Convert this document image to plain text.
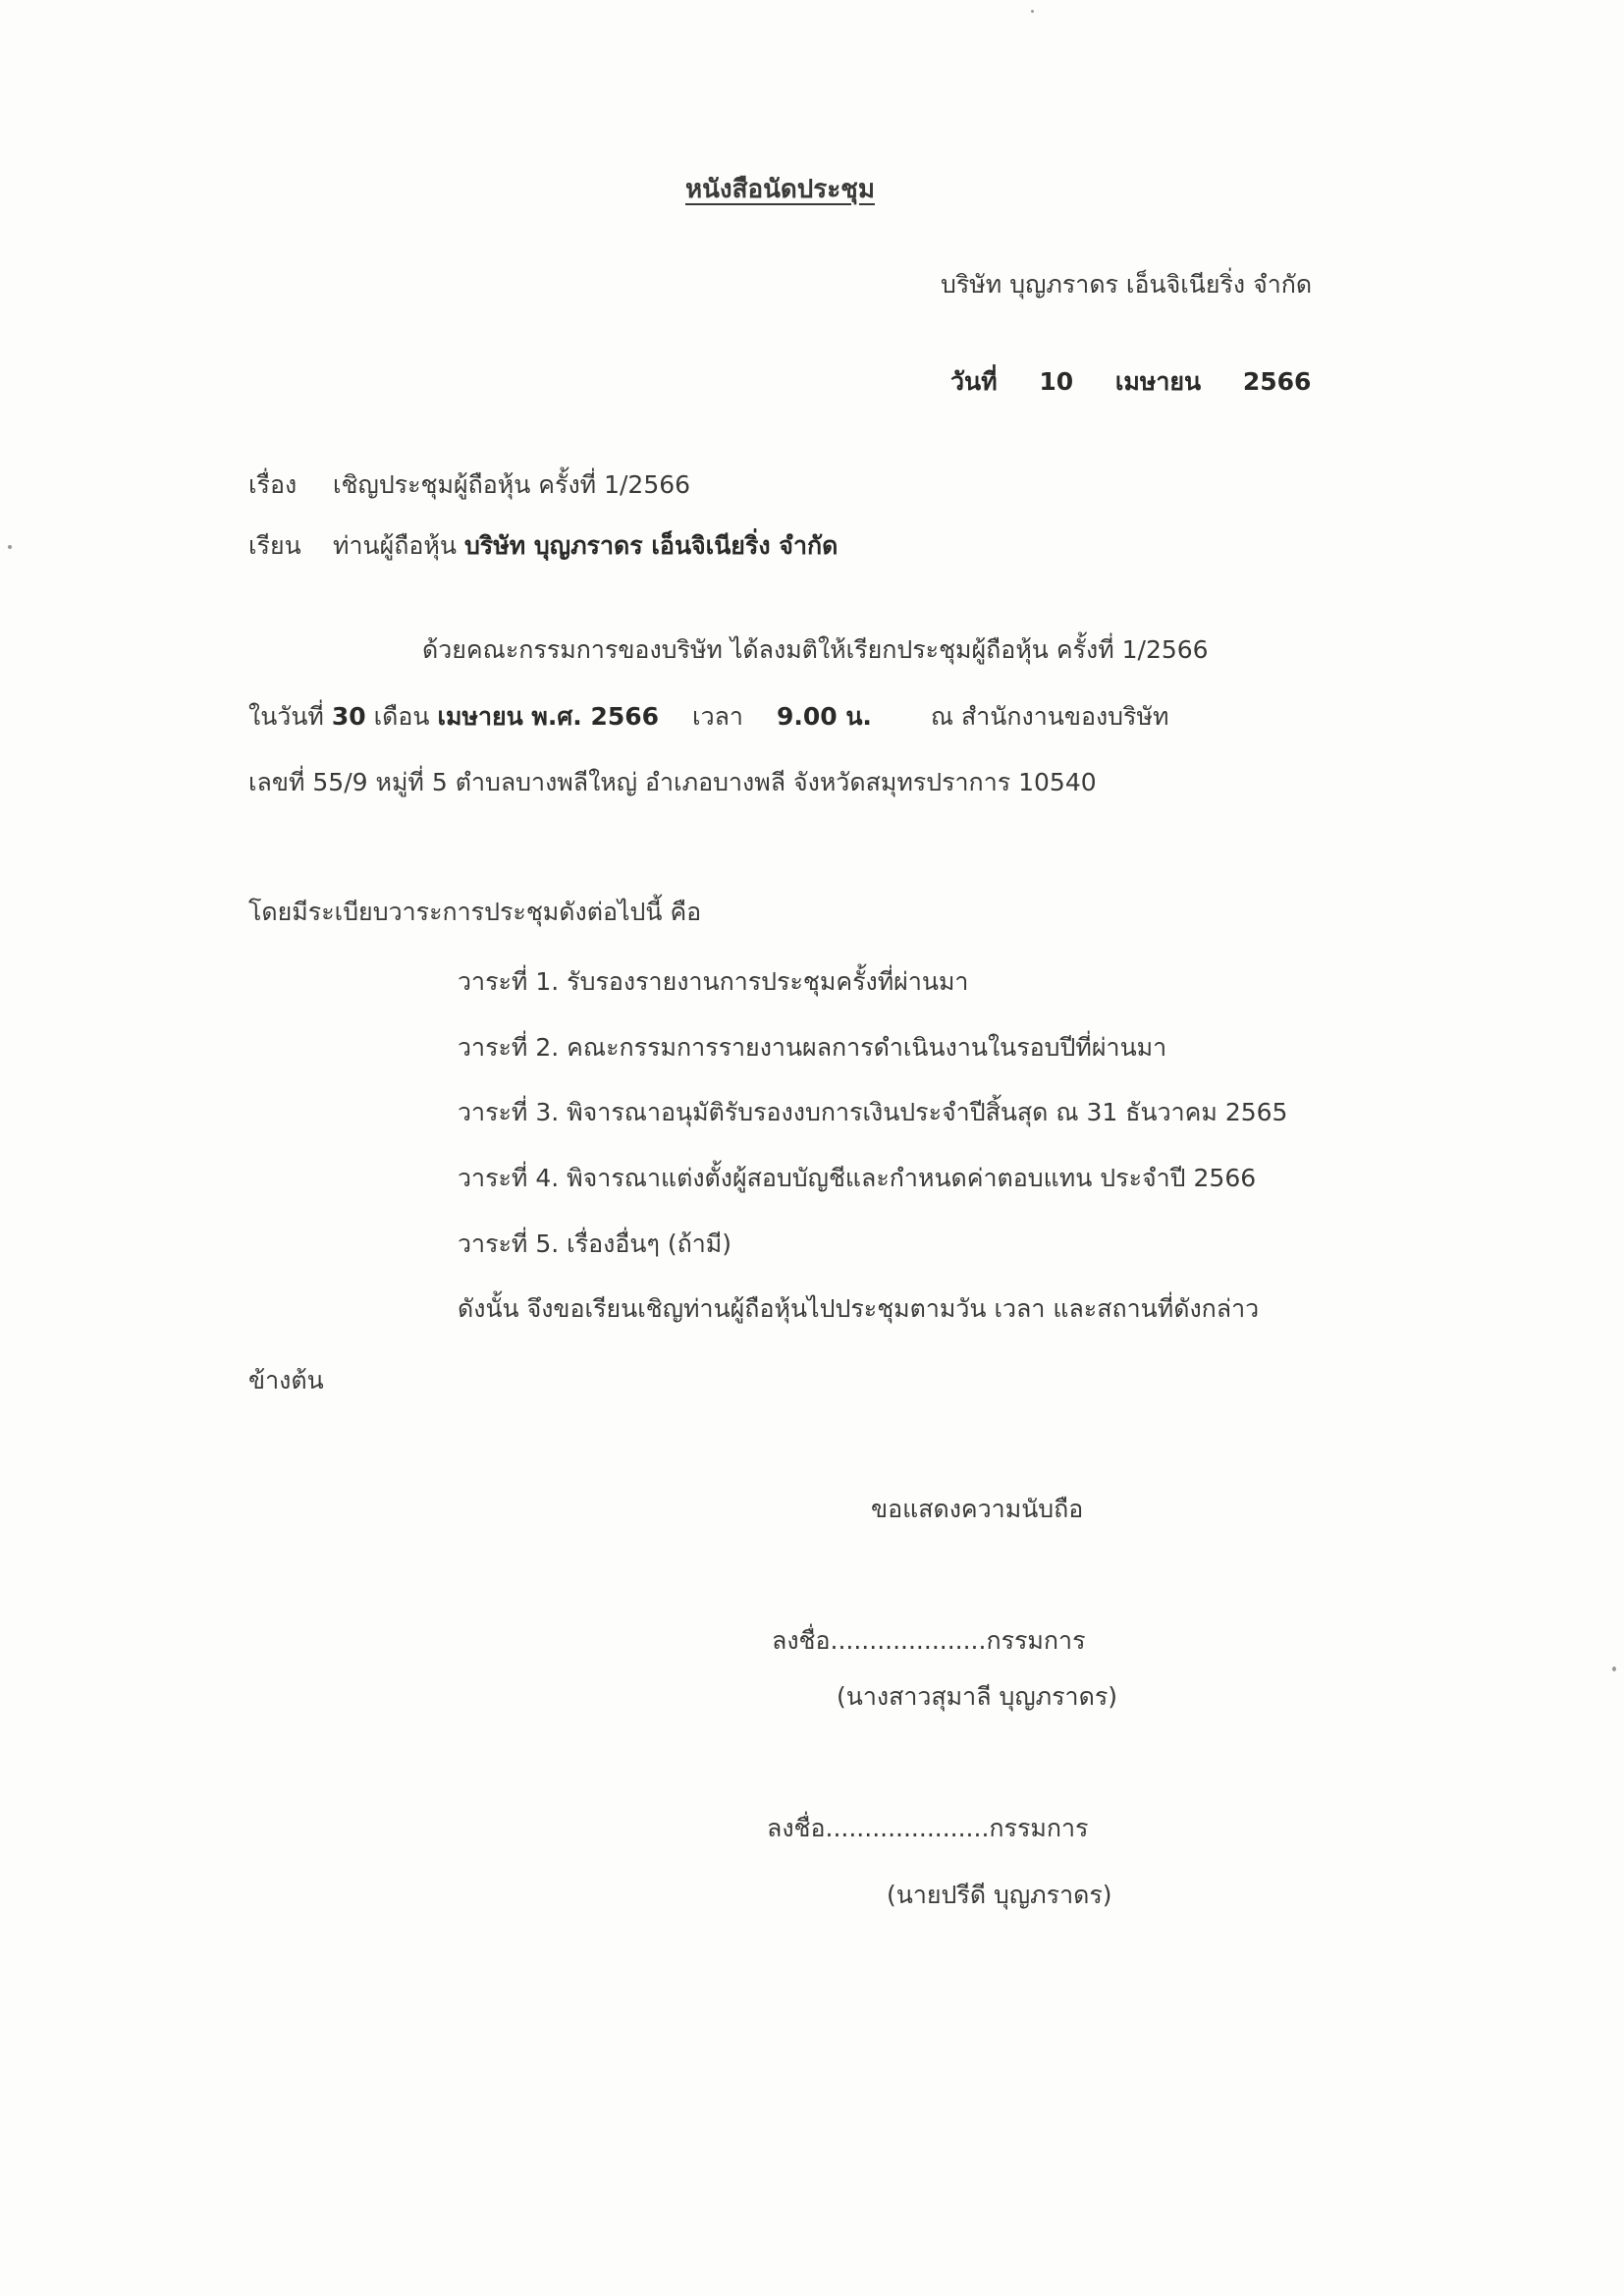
หนังสือนัดประชุม
บริษัท บุญภราดร เอ็นจิเนียริ่ง จำกัด
วันที่ 10 เมษายน 2566
เรื่อง เชิญประชุมผู้ถือหุ้น ครั้งที่ 1/2566
เรียน ท่านผู้ถือหุ้น บริษัท บุญภราดร เอ็นจิเนียริ่ง จำกัด
ด้วยคณะกรรมการของบริษัท ได้ลงมติให้เรียกประชุมผู้ถือหุ้น ครั้งที่ 1/2566
ในวันที่ 30 เดือน เมษายน พ.ศ. 2566 เวลา 9.00 น. ณ สำนักงานของบริษัท
เลขที่ 55/9 หมู่ที่ 5 ตำบลบางพลีใหญ่ อำเภอบางพลี จังหวัดสมุทรปราการ 10540
โดยมีระเบียบวาระการประชุมดังต่อไปนี้ คือ
วาระที่ 1. รับรองรายงานการประชุมครั้งที่ผ่านมา
วาระที่ 2. คณะกรรมการรายงานผลการดำเนินงานในรอบปีที่ผ่านมา
วาระที่ 3. พิจารณาอนุมัติรับรองงบการเงินประจำปีสิ้นสุด ณ 31 ธันวาคม 2565
วาระที่ 4. พิจารณาแต่งตั้งผู้สอบบัญชีและกำหนดค่าตอบแทน ประจำปี 2566
วาระที่ 5. เรื่องอื่นๆ (ถ้ามี)
ดังนั้น จึงขอเรียนเชิญท่านผู้ถือหุ้นไปประชุมตามวัน เวลา และสถานที่ดังกล่าว
ข้างต้น
ขอแสดงความนับถือ
ลงชื่อ....................กรรมการ
(นางสาวสุมาลี บุญภราดร)
ลงชื่อ.....................กรรมการ
(นายปรีดี บุญภราดร)
